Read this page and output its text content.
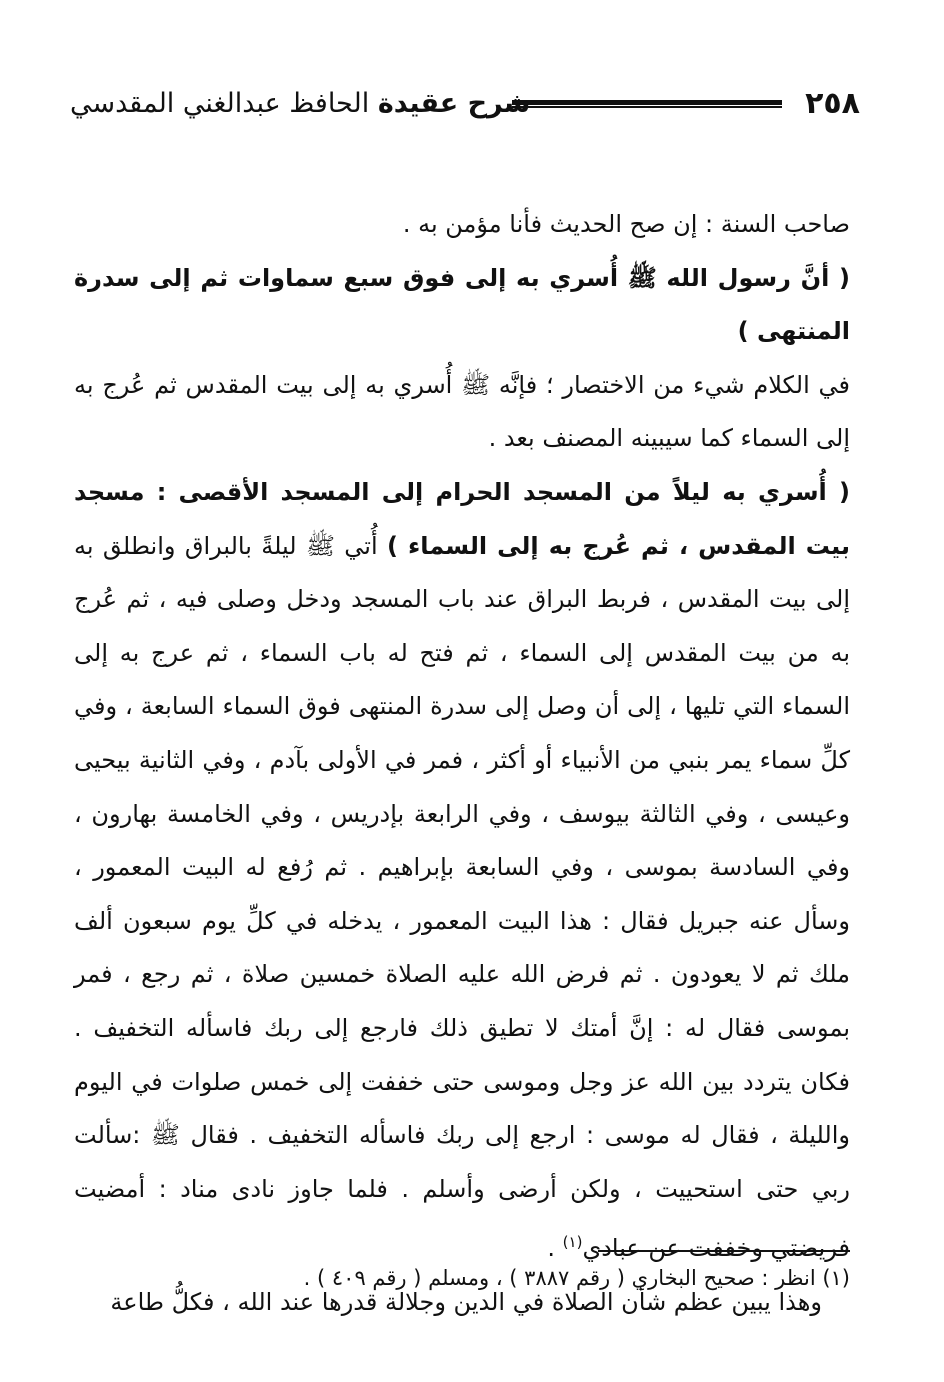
٢٥٨
شرح عقيدة الحافظ عبدالغني المقدسي

صاحب السنة : إن صح الحديث فأنا مؤمن به .

( أنَّ رسول الله ﷺ أُسري به إلى فوق سبع سماوات ثم إلى سدرة المنتهى )

في الكلام شيء من الاختصار ؛ فإنَّه ﷺ أُسري به إلى بيت المقدس ثم عُرج به إلى السماء كما سيبينه المصنف بعد .

( أُسري به ليلاً من المسجد الحرام إلى المسجد الأقصى : مسجد بيت المقدس ، ثم عُرج به إلى السماء ) أُتي ﷺ ليلةً بالبراق وانطلق به إلى بيت المقدس ، فربط البراق عند باب المسجد ودخل وصلى فيه ، ثم عُرج به من بيت المقدس إلى السماء ، ثم فتح له باب السماء ، ثم عرج به إلى السماء التي تليها ، إلى أن وصل إلى سدرة المنتهى فوق السماء السابعة ، وفي كلِّ سماء يمر بنبي من الأنبياء أو أكثر ، فمر في الأولى بآدم ، وفي الثانية بيحيى وعيسى ، وفي الثالثة بيوسف ، وفي الرابعة بإدريس ، وفي الخامسة بهارون ، وفي السادسة بموسى ، وفي السابعة بإبراهيم . ثم رُفع له البيت المعمور ، وسأل عنه جبريل فقال : هذا البيت المعمور ، يدخله في كلِّ يوم سبعون ألف ملك ثم لا يعودون . ثم فرض الله عليه الصلاة خمسين صلاة ، ثم رجع ، فمر بموسى فقال له : إنَّ أمتك لا تطيق ذلك فارجع إلى ربك فاسأله التخفيف . فكان يتردد بين الله عز وجل وموسى حتى خففت إلى خمس صلوات في اليوم والليلة ، فقال له موسى : ارجع إلى ربك فاسأله التخفيف . فقال ﷺ :سألت ربي حتى استحييت ، ولكن أرضى وأسلم . فلما جاوز نادى مناد : أمضيت فريضتي وخففت عن عبادي$^{(١)}$ .

وهذا يبين عظم شأن الصلاة في الدين وجلالة قدرها عند الله ، فكلُّ طاعة

(١) انظر : صحيح البخاري ( رقم ٣٨٨٧ ) ، ومسلم ( رقم ٤٠٩ ) .
